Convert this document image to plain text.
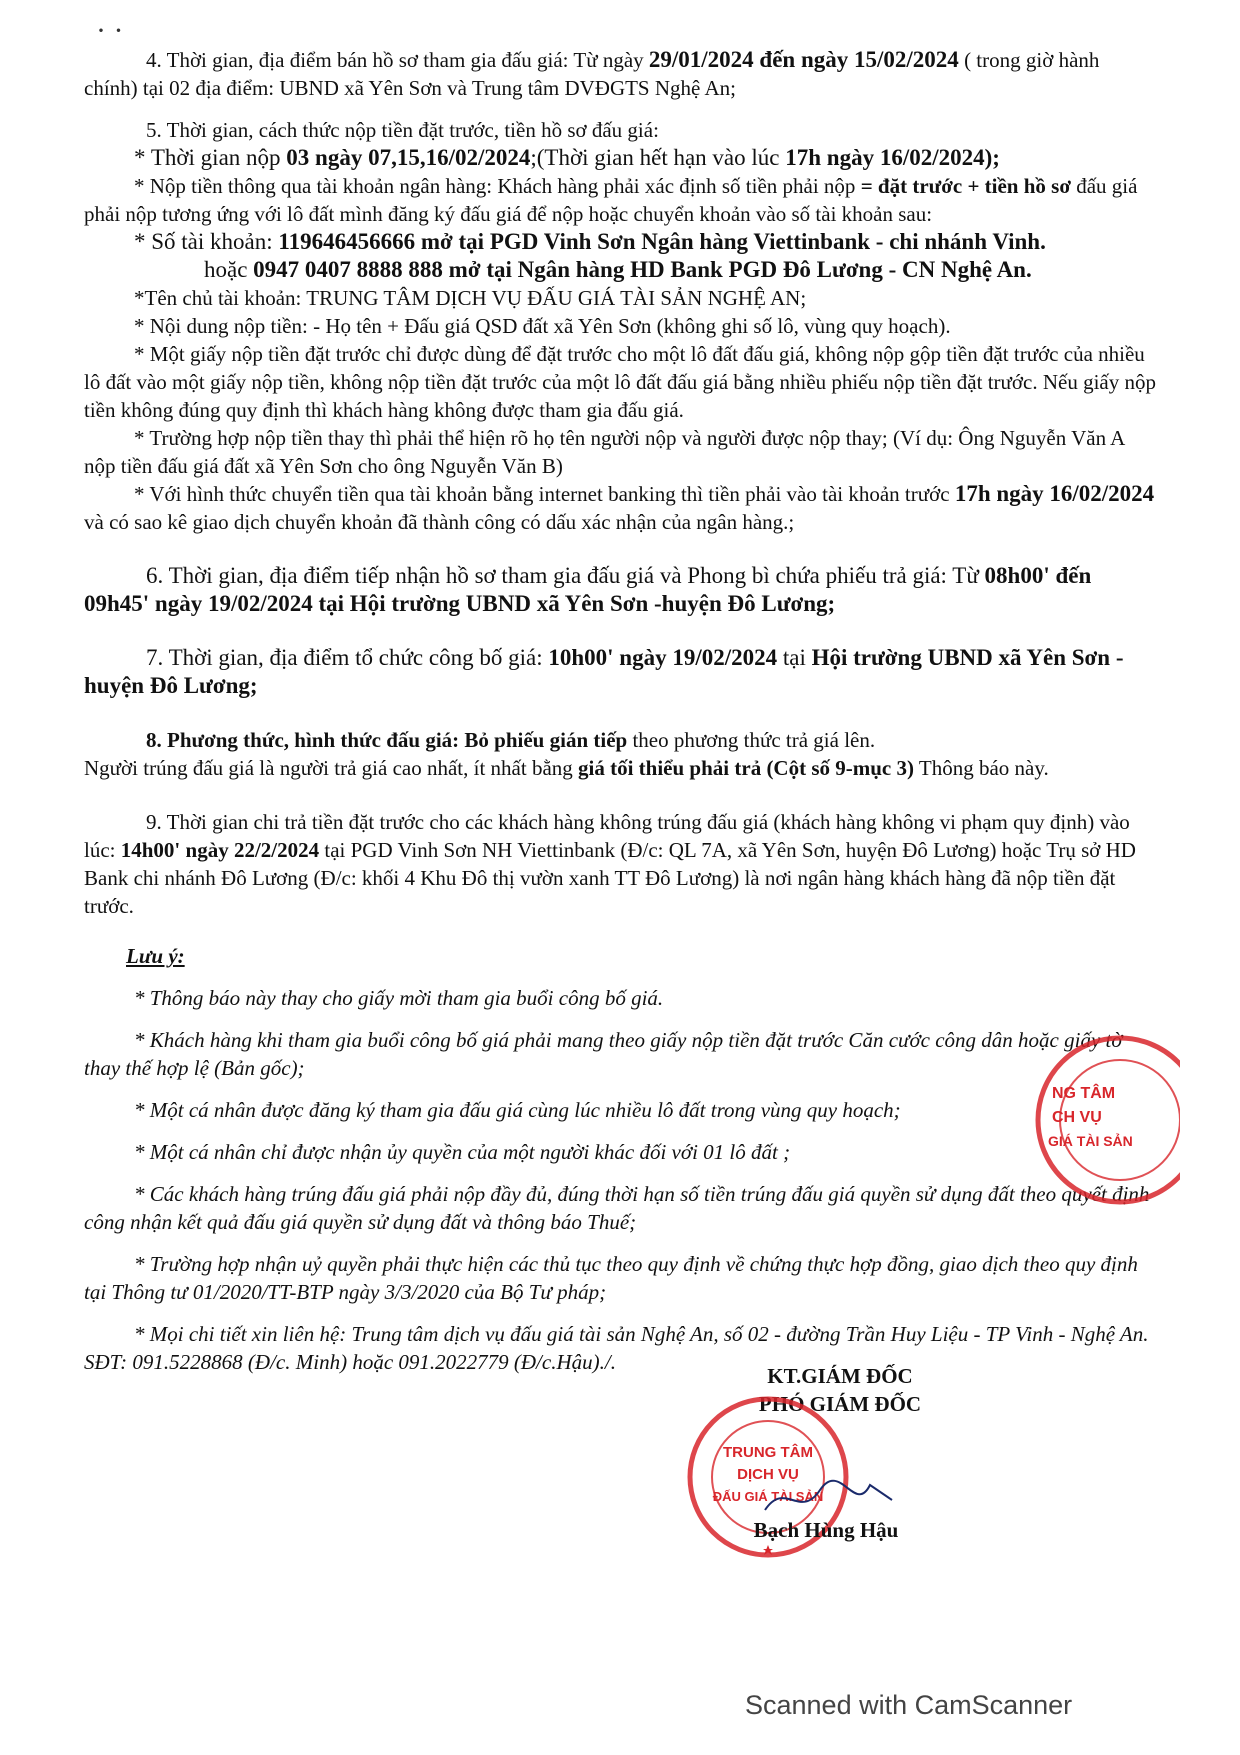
· ·

4. Thời gian, địa điểm bán hồ sơ tham gia đấu giá: Từ ngày 29/01/2024 đến ngày 15/02/2024 ( trong giờ hành chính) tại 02 địa điểm: UBND xã Yên Sơn và Trung tâm DVĐGTS Nghệ An;

5. Thời gian, cách thức nộp tiền đặt trước, tiền hồ sơ đấu giá:

* Thời gian nộp 03 ngày 07,15,16/02/2024;(Thời gian hết hạn vào lúc 17h ngày 16/02/2024);

* Nộp tiền thông qua tài khoản ngân hàng: Khách hàng phải xác định số tiền phải nộp = đặt trước + tiền hồ sơ đấu giá phải nộp tương ứng với lô đất mình đăng ký đấu giá để nộp hoặc chuyển khoản vào số tài khoản sau:

* Số tài khoản: 119646456666 mở tại PGD Vinh Sơn Ngân hàng Viettinbank - chi nhánh Vinh.

hoặc 0947 0407 8888 888 mở tại Ngân hàng HD Bank PGD Đô Lương - CN Nghệ An.

*Tên chủ tài khoản: TRUNG TÂM DỊCH VỤ ĐẤU GIÁ TÀI SẢN NGHỆ AN;

* Nội dung nộp tiền: - Họ tên + Đấu giá QSD đất xã Yên Sơn (không ghi số lô, vùng quy hoạch).

* Một giấy nộp tiền đặt trước chỉ được dùng để đặt trước cho một lô đất đấu giá, không nộp gộp tiền đặt trước của nhiều lô đất vào một giấy nộp tiền, không nộp tiền đặt trước của một lô đất đấu giá bằng nhiều phiếu nộp tiền đặt trước. Nếu giấy nộp tiền không đúng quy định thì khách hàng không được tham gia đấu giá.

* Trường hợp nộp tiền thay thì phải thể hiện rõ họ tên người nộp và người được nộp thay; (Ví dụ: Ông Nguyễn Văn A nộp tiền đấu giá đất xã Yên Sơn cho ông Nguyễn Văn B)

* Với hình thức chuyển tiền qua tài khoản bằng internet banking thì tiền phải vào tài khoản trước 17h ngày 16/02/2024 và có sao kê giao dịch chuyển khoản đã thành công có dấu xác nhận của ngân hàng.;

6. Thời gian, địa điểm tiếp nhận hồ sơ tham gia đấu giá và Phong bì chứa phiếu trả giá: Từ 08h00' đến 09h45' ngày 19/02/2024 tại Hội trường UBND xã Yên Sơn -huyện Đô Lương;

7. Thời gian, địa điểm tổ chức công bố giá: 10h00' ngày 19/02/2024 tại Hội trường UBND xã Yên Sơn -huyện Đô Lương;

8. Phương thức, hình thức đấu giá: Bỏ phiếu gián tiếp theo phương thức trả giá lên.

Người trúng đấu giá là người trả giá cao nhất, ít nhất bằng giá tối thiểu phải trả (Cột số 9-mục 3) Thông báo này.

9. Thời gian chi trả tiền đặt trước cho các khách hàng không trúng đấu giá (khách hàng không vi phạm quy định) vào lúc: 14h00' ngày 22/2/2024 tại PGD Vinh Sơn NH Viettinbank (Đ/c: QL 7A, xã Yên Sơn, huyện Đô Lương) hoặc Trụ sở HD Bank chi nhánh Đô Lương (Đ/c: khối 4 Khu Đô thị vườn xanh TT Đô Lương) là nơi ngân hàng khách hàng đã nộp tiền đặt trước.

Lưu ý:

* Thông báo này thay cho giấy mời tham gia buổi công bố giá.

* Khách hàng khi tham gia buổi công bố giá phải mang theo giấy nộp tiền đặt trước Căn cước công dân hoặc giấy tờ thay thế hợp lệ (Bản gốc);

* Một cá nhân được đăng ký tham gia đấu giá cùng lúc nhiều lô đất trong vùng quy hoạch;

* Một cá nhân chỉ được nhận ủy quyền của một người khác đối với 01 lô đất ;

* Các khách hàng trúng đấu giá phải nộp đầy đủ, đúng thời hạn số tiền trúng đấu giá quyền sử dụng đất theo quyết định công nhận kết quả đấu giá quyền sử dụng đất và thông báo Thuế;

* Trường hợp nhận uỷ quyền phải thực hiện các thủ tục theo quy định về chứng thực hợp đồng, giao dịch theo quy định tại Thông tư 01/2020/TT-BTP ngày 3/3/2020 của Bộ Tư pháp;

* Mọi chi tiết xin liên hệ: Trung tâm dịch vụ đấu giá tài sản Nghệ An, số 02 - đường Trần Huy Liệu - TP Vinh - Nghệ An. SĐT: 091.5228868 (Đ/c. Minh) hoặc 091.2022779 (Đ/c.Hậu)./.

NG TÂM
CH VỤ
GIÁ TÀI SẢN
KT.GIÁM ĐỐC
PHÓ GIÁM ĐỐC
TRUNG TÂM
DỊCH VỤ
ĐẤU GIÁ TÀI SẢN
Bạch Hùng Hậu
Scanned with CamScanner
